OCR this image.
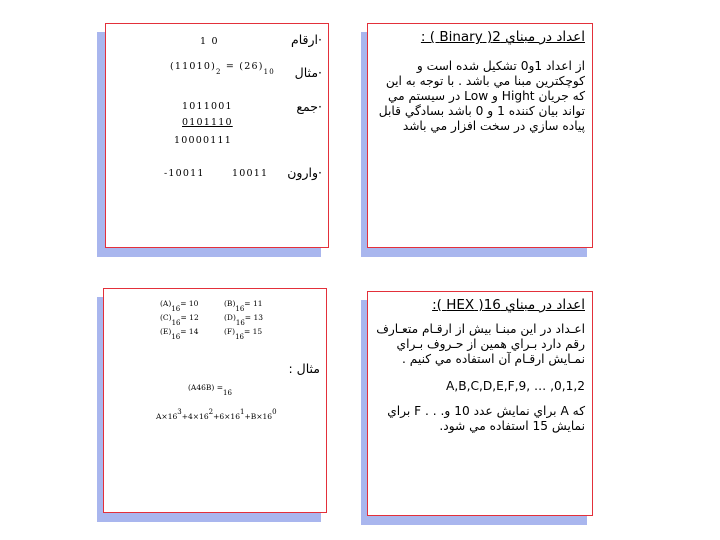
اعداد در مبناي 2( Binary ) :

از اعداد 1و0 تشكيل شده است و كوچكترين مبنا مي باشد . با توجه به اين كه جريان Hight و Low در سيستم مي تواند بيان كننده 1 و 0 باشد بسادگي قابل پياده سازي در سخت افزار مي باشد

·ارقام
1 0
·مثال
$(11010)_2 = (26)_{10}$
·جمع
1011001
0101110
10000111
·وارون
-10011	10011
اعداد در مبناي 16( HEX ):

اعـداد در اين مبنـا بيش از ارقـام متعـارف رقم دارد بـراي همين از حـروف بـراي نمـايش ارقـام آن استفاده مي كنيم .

A,B,C,D,E,F,9, … ,0,1,2

كه A براي نمايش عدد 10 و. . . F براي نمايش 15 استفاده مي شود.

(A)16= 10	(B)16= 11
(C)16= 12	(D)16= 13
(E)16= 14	(F)16= 15
مثال :
(A46B) =16
A×163+4×162+6×161+B×160
